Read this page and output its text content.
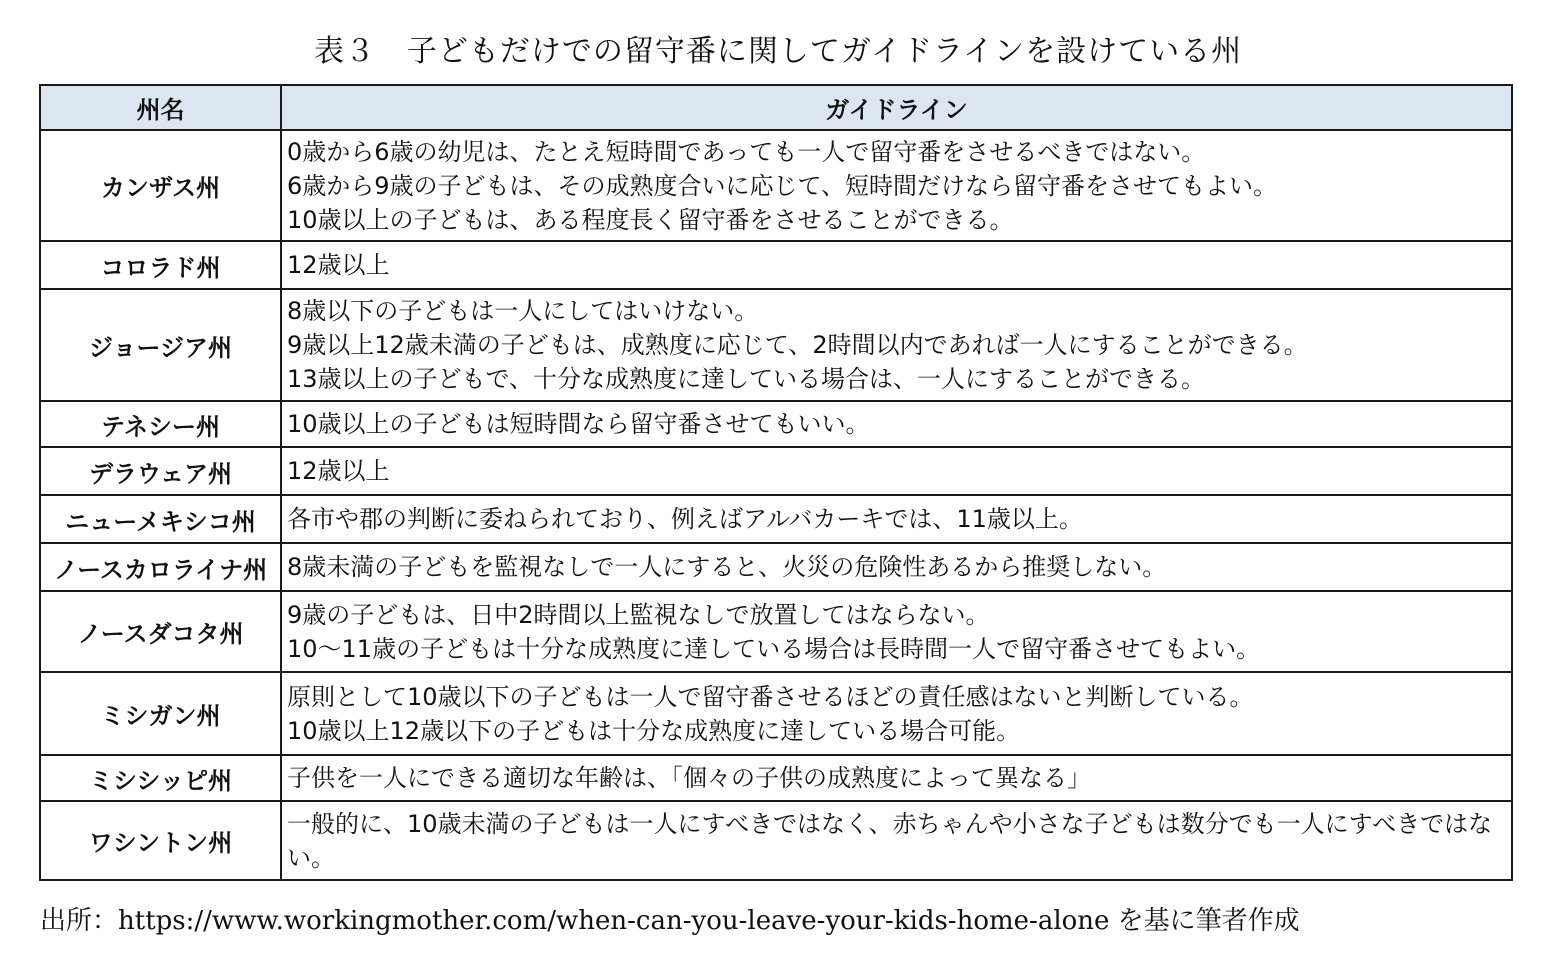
表３　子どもだけでの留守番に関してガイドラインを設けている州
州名	ガイドライン
カンザス州	0歳から6歳の幼児は、たとえ短時間であっても一人で留守番をさせるべきではない。
6歳から9歳の子どもは、その成熟度合いに応じて、短時間だけなら留守番をさせてもよい。
10歳以上の子どもは、ある程度長く留守番をさせることができる。

コロラド州	12歳以上

ジョージア州	8歳以下の子どもは一人にしてはいけない。
9歳以上12歳未満の子どもは、成熟度に応じて、2時間以内であれば一人にすることができる。
13歳以上の子どもで、十分な成熟度に達している場合は、一人にすることができる。

テネシー州	10歳以上の子どもは短時間なら留守番させてもいい。

デラウェア州	12歳以上

ニューメキシコ州	各市や郡の判断に委ねられており、例えばアルバカーキでは、11歳以上。

ノースカロライナ州	8歳未満の子どもを監視なしで一人にすると、火災の危険性あるから推奨しない。

ノースダコタ州	9歳の子どもは、日中2時間以上監視なしで放置してはならない。
10～11歳の子どもは十分な成熟度に達している場合は長時間一人で留守番させてもよい。

ミシガン州	原則として10歳以下の子どもは一人で留守番させるほどの責任感はないと判断している。
10歳以上12歳以下の子どもは十分な成熟度に達している場合可能。

ミシシッピ州	子供を一人にできる適切な年齢は、「個々の子供の成熟度によって異なる」

ワシントン州	一般的に、10歳未満の子どもは一人にすべきではなく、赤ちゃんや小さな子どもは数分でも一人にすべきではない。
出所：https://www.workingmother.com/when-can-you-leave-your-kids-home-alone を基に筆者作成
